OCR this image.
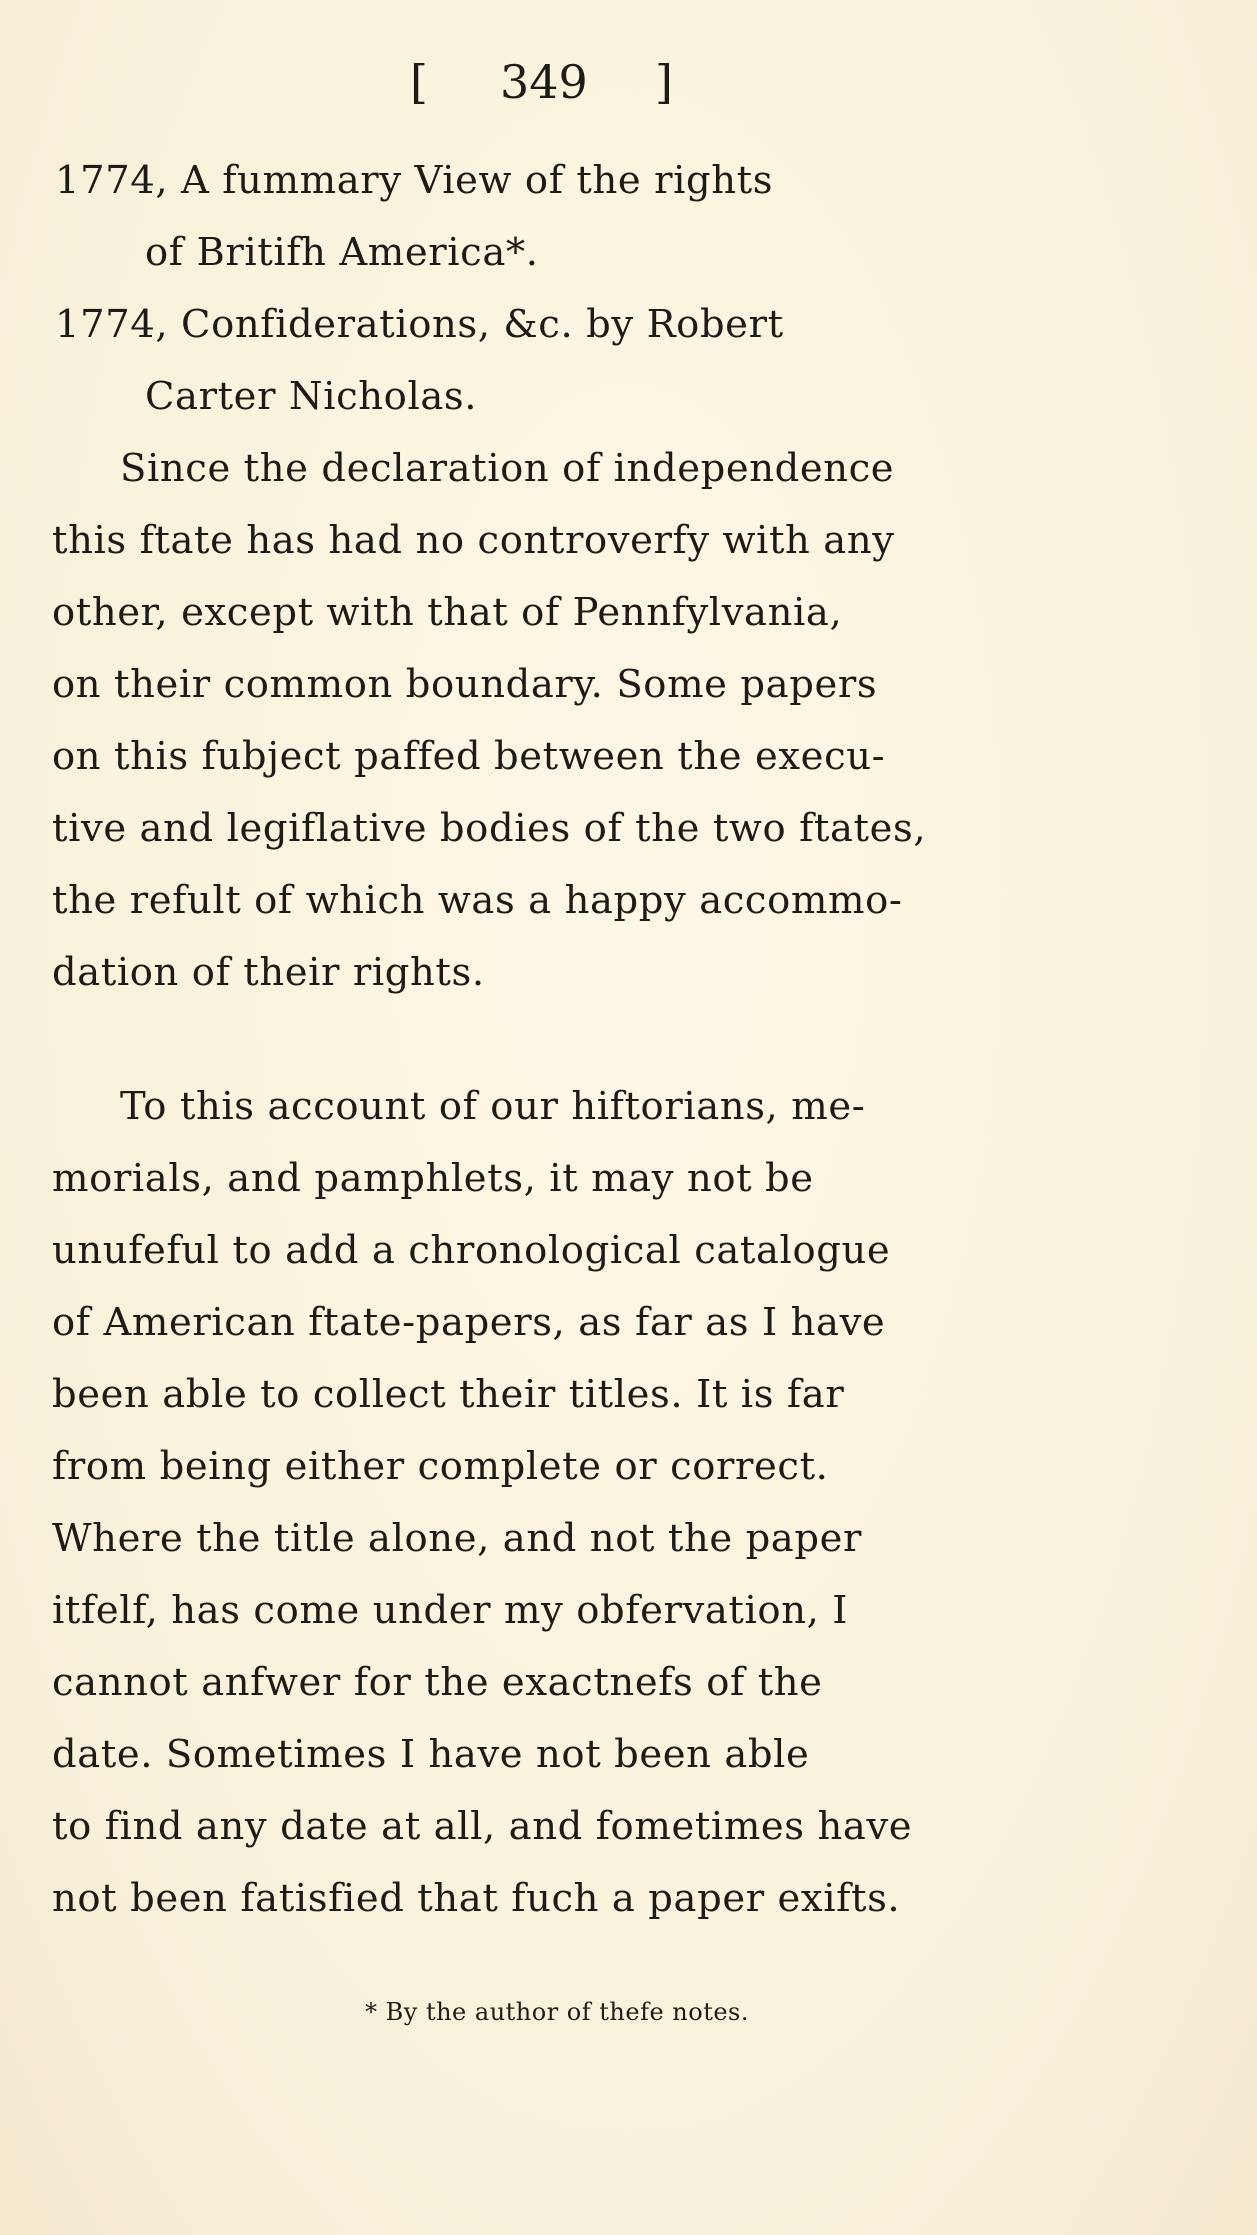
[ 349 ]
1774, A fummary View of the rights
of Britifh America*.
1774, Confiderations, &c. by Robert
Carter Nicholas.
Since the declaration of independence
this ftate has had no controverfy with any
other, except with that of Pennfylvania,
on their common boundary. Some papers
on this fubject paffed between the execu-
tive and legiflative bodies of the two ftates,
the refult of which was a happy accommo-
dation of their rights.
To this account of our hiftorians, me-
morials, and pamphlets, it may not be
unufeful to add a chronological catalogue
of American ftate-papers, as far as I have
been able to collect their titles. It is far
from being either complete or correct.
Where the title alone, and not the paper
itfelf, has come under my obfervation, I
cannot anfwer for the exactnefs of the
date. Sometimes I have not been able
to find any date at all, and fometimes have
not been fatisfied that fuch a paper exifts.
* By the author of thefe notes.
